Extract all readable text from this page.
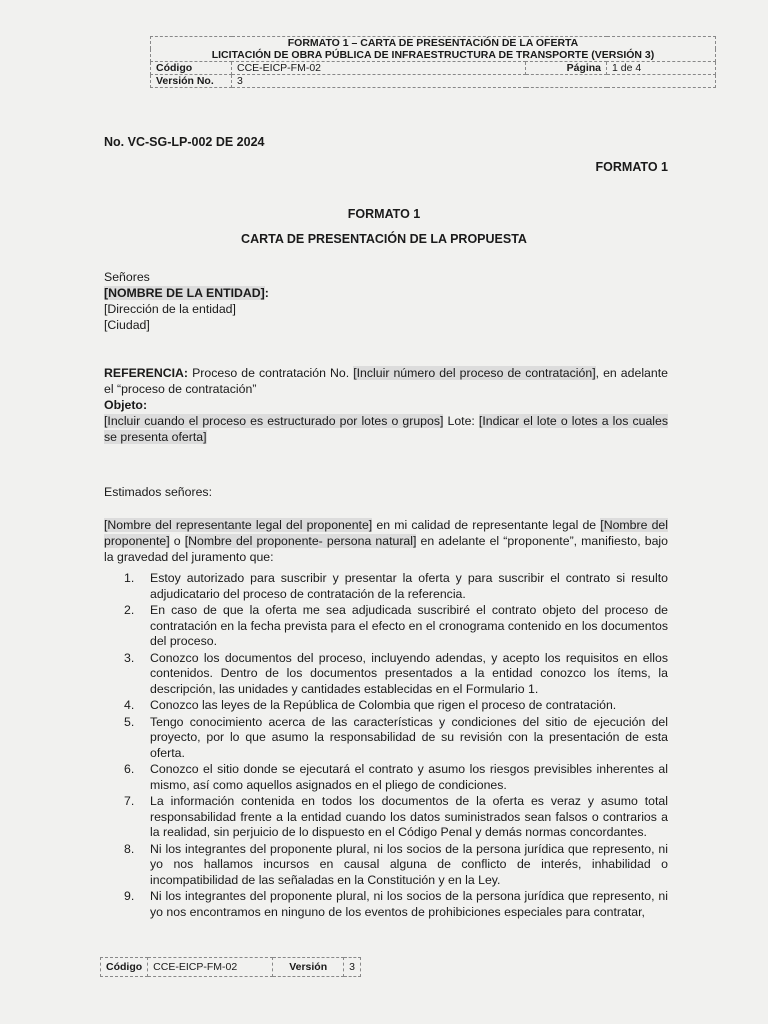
FORMATO 1 – CARTA DE PRESENTACIÓN DE LA OFERTA			
LICITACIÓN DE OBRA PÚBLICA DE INFRAESTRUCTURA DE TRANSPORTE (VERSIÓN 3)			
Código	CCE-EICP-FM-02	Página	1 de 4
Versión No.	3		
No. VC-SG-LP-002 DE 2024
FORMATO 1
FORMATO 1
CARTA DE PRESENTACIÓN DE LA PROPUESTA
Señores
[NOMBRE DE LA ENTIDAD]:
[Dirección de la entidad]
[Ciudad]
REFERENCIA: Proceso de contratación No. [Incluir número del proceso de contratación], en adelante el “proceso de contratación”
Objeto:
[Incluir cuando el proceso es estructurado por lotes o grupos] Lote: [Indicar el lote o lotes a los cuales se presenta oferta]
Estimados señores:
[Nombre del representante legal del proponente] en mi calidad de representante legal de [Nombre del proponente] o [Nombre del proponente- persona natural] en adelante el “proponente”, manifiesto, bajo la gravedad del juramento que:
1. Estoy autorizado para suscribir y presentar la oferta y para suscribir el contrato si resulto adjudicatario del proceso de contratación de la referencia.
2. En caso de que la oferta me sea adjudicada suscribiré el contrato objeto del proceso de contratación en la fecha prevista para el efecto en el cronograma contenido en los documentos del proceso.
3. Conozco los documentos del proceso, incluyendo adendas, y acepto los requisitos en ellos contenidos. Dentro de los documentos presentados a la entidad conozco los ítems, la descripción, las unidades y cantidades establecidas en el Formulario 1.
4. Conozco las leyes de la República de Colombia que rigen el proceso de contratación.
5. Tengo conocimiento acerca de las características y condiciones del sitio de ejecución del proyecto, por lo que asumo la responsabilidad de su revisión con la presentación de esta oferta.
6. Conozco el sitio donde se ejecutará el contrato y asumo los riesgos previsibles inherentes al mismo, así como aquellos asignados en el pliego de condiciones.
7. La información contenida en todos los documentos de la oferta es veraz y asumo total responsabilidad frente a la entidad cuando los datos suministrados sean falsos o contrarios a la realidad, sin perjuicio de lo dispuesto en el Código Penal y demás normas concordantes.
8. Ni los integrantes del proponente plural, ni los socios de la persona jurídica que represento, ni yo nos hallamos incursos en causal alguna de conflicto de interés, inhabilidad o incompatibilidad de las señaladas en la Constitución y en la Ley.
9. Ni los integrantes del proponente plural, ni los socios de la persona jurídica que represento, ni yo nos encontramos en ninguno de los eventos de prohibiciones especiales para contratar,
Código	CCE-EICP-FM-02	Versión	3
